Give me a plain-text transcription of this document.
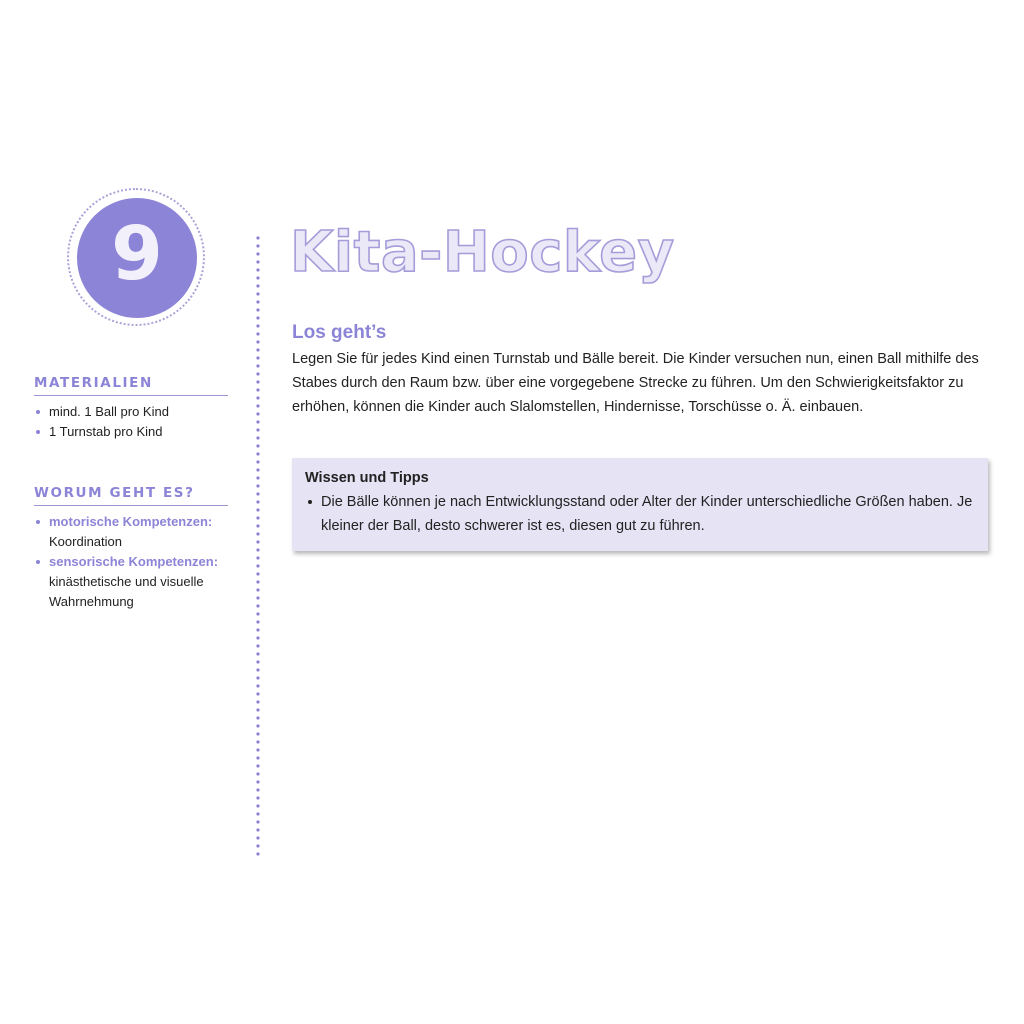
9
MATERIALIEN
mind. 1 Ball pro Kind
1 Turnstab pro Kind
WORUM GEHT ES?
motorische Kompetenzen:
Koordination
sensorische Kompetenzen:
kinästhetische und visuelle Wahrnehmung
Kita-Hockey
Los geht’s

Legen Sie für jedes Kind einen Turnstab und Bälle bereit. Die Kinder versuchen nun, einen Ball mithilfe des Stabes durch den Raum bzw. über eine vorgegebene Strecke zu führen. Um den Schwierigkeitsfaktor zu erhöhen, können die Kinder auch Slalomstellen, Hindernisse, Torschüsse o. Ä. einbauen.

Wissen und Tipps

Die Bälle können je nach Entwicklungsstand oder Alter der Kinder unterschiedliche Größen haben. Je kleiner der Ball, desto schwerer ist es, diesen gut zu führen.
